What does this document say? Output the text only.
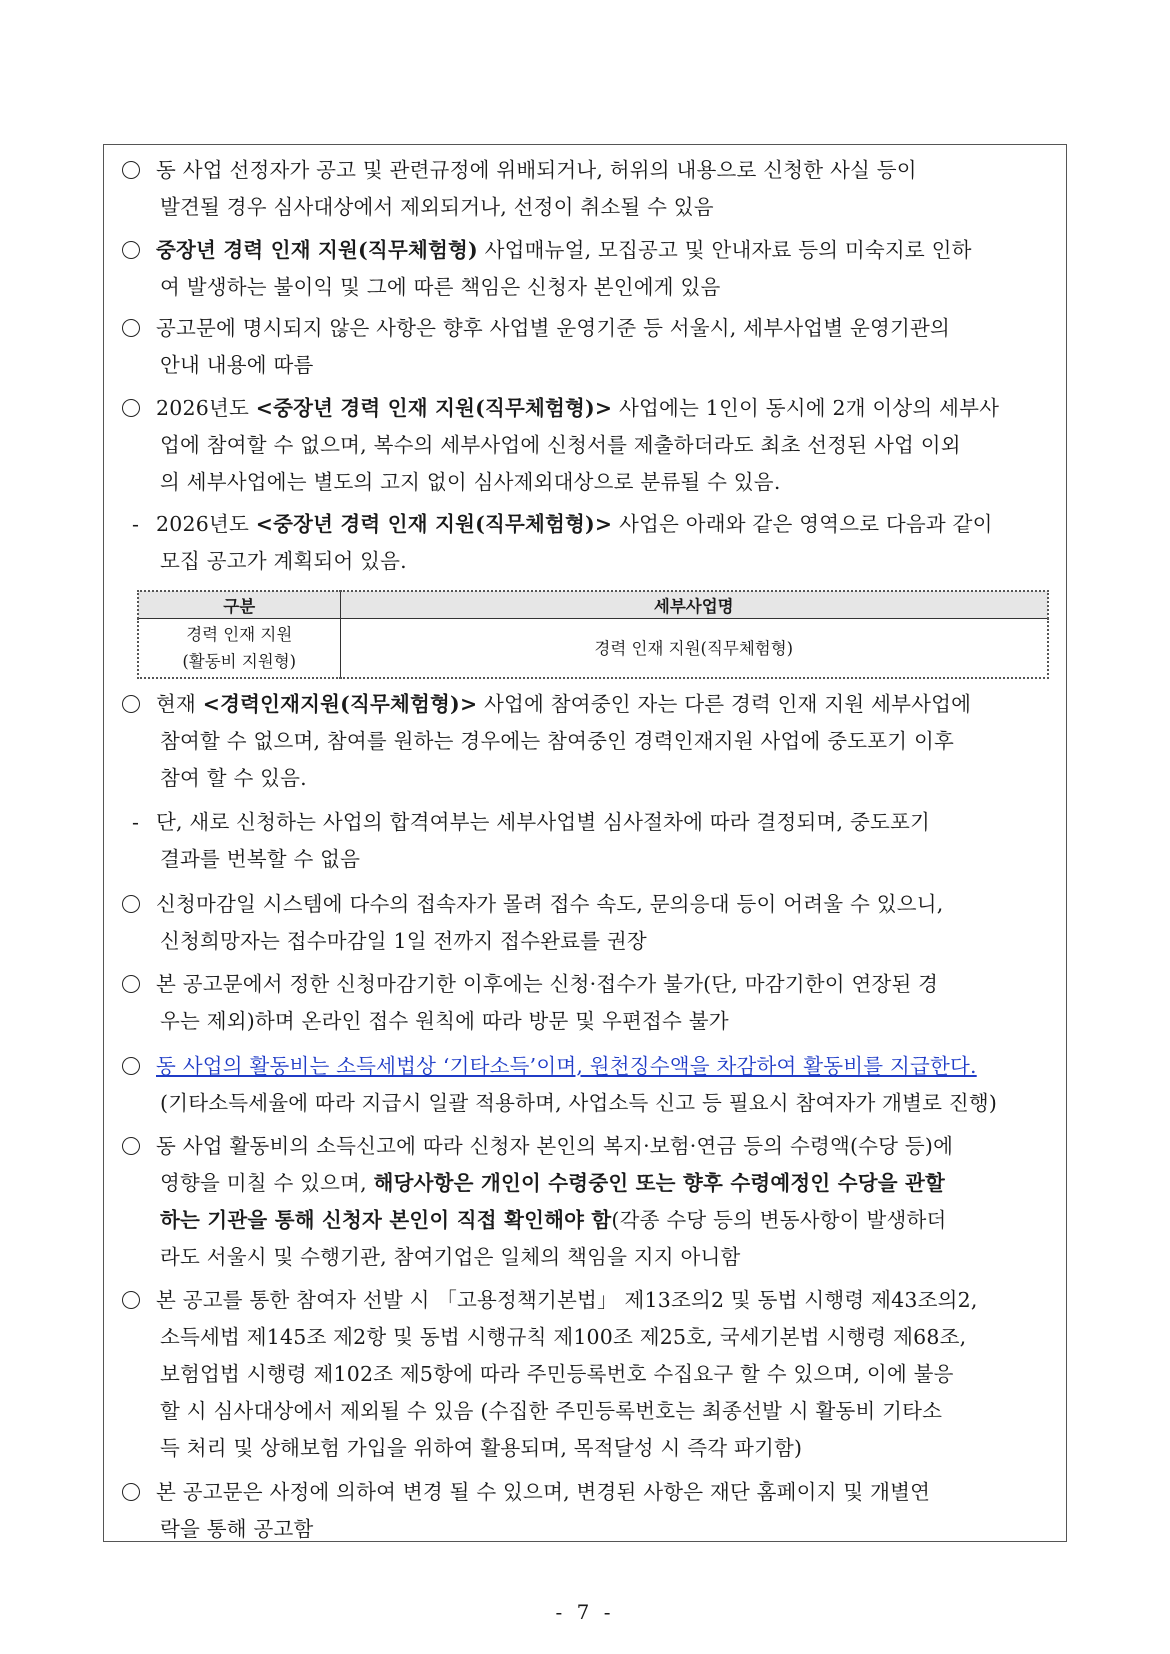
동 사업 선정자가 공고 및 관련규정에 위배되거나, 허위의 내용으로 신청한 사실 등이
발견될 경우 심사대상에서 제외되거나, 선정이 취소될 수 있음
중장년 경력 인재 지원(직무체험형) 사업매뉴얼, 모집공고 및 안내자료 등의 미숙지로 인하
여 발생하는 불이익 및 그에 따른 책임은 신청자 본인에게 있음
공고문에 명시되지 않은 사항은 향후 사업별 운영기준 등 서울시, 세부사업별 운영기관의
안내 내용에 따름
2026년도 <중장년 경력 인재 지원(직무체험형)> 사업에는 1인이 동시에 2개 이상의 세부사
업에 참여할 수 없으며, 복수의 세부사업에 신청서를 제출하더라도 최초 선정된 사업 이외
의 세부사업에는 별도의 고지 없이 심사제외대상으로 분류될 수 있음.
- 2026년도 <중장년 경력 인재 지원(직무체험형)> 사업은 아래와 같은 영역으로 다음과 같이
모집 공고가 계획되어 있음.
구분	세부사업명

경력 인재 지원
(활동비 지원형)	경력 인재 지원(직무체험형)
현재 <경력인재지원(직무체험형)> 사업에 참여중인 자는 다른 경력 인재 지원 세부사업에
참여할 수 없으며, 참여를 원하는 경우에는 참여중인 경력인재지원 사업에 중도포기 이후
참여 할 수 있음.
- 단, 새로 신청하는 사업의 합격여부는 세부사업별 심사절차에 따라 결정되며, 중도포기
결과를 번복할 수 없음
신청마감일 시스템에 다수의 접속자가 몰려 접수 속도, 문의응대 등이 어려울 수 있으니,
신청희망자는 접수마감일 1일 전까지 접수완료를 권장
본 공고문에서 정한 신청마감기한 이후에는 신청·접수가 불가(단, 마감기한이 연장된 경
우는 제외)하며 온라인 접수 원칙에 따라 방문 및 우편접수 불가
동 사업의 활동비는 소득세법상 ‘기타소득’이며, 원천징수액을 차감하여 활동비를 지급한다.
(기타소득세율에 따라 지급시 일괄 적용하며, 사업소득 신고 등 필요시 참여자가 개별로 진행)
동 사업 활동비의 소득신고에 따라 신청자 본인의 복지·보험·연금 등의 수령액(수당 등)에
영향을 미칠 수 있으며, 해당사항은 개인이 수령중인 또는 향후 수령예정인 수당을 관할
하는 기관을 통해 신청자 본인이 직접 확인해야 함(각종 수당 등의 변동사항이 발생하더
라도 서울시 및 수행기관, 참여기업은 일체의 책임을 지지 아니함
본 공고를 통한 참여자 선발 시 「고용정책기본법」 제13조의2 및 동법 시행령 제43조의2,
소득세법 제145조 제2항 및 동법 시행규칙 제100조 제25호, 국세기본법 시행령 제68조,
보험업법 시행령 제102조 제5항에 따라 주민등록번호 수집요구 할 수 있으며, 이에 불응
할 시 심사대상에서 제외될 수 있음 (수집한 주민등록번호는 최종선발 시 활동비 기타소
득 처리 및 상해보험 가입을 위하여 활용되며, 목적달성 시 즉각 파기함)
본 공고문은 사정에 의하여 변경 될 수 있으며, 변경된 사항은 재단 홈페이지 및 개별연
락을 통해 공고함
- 7 -
